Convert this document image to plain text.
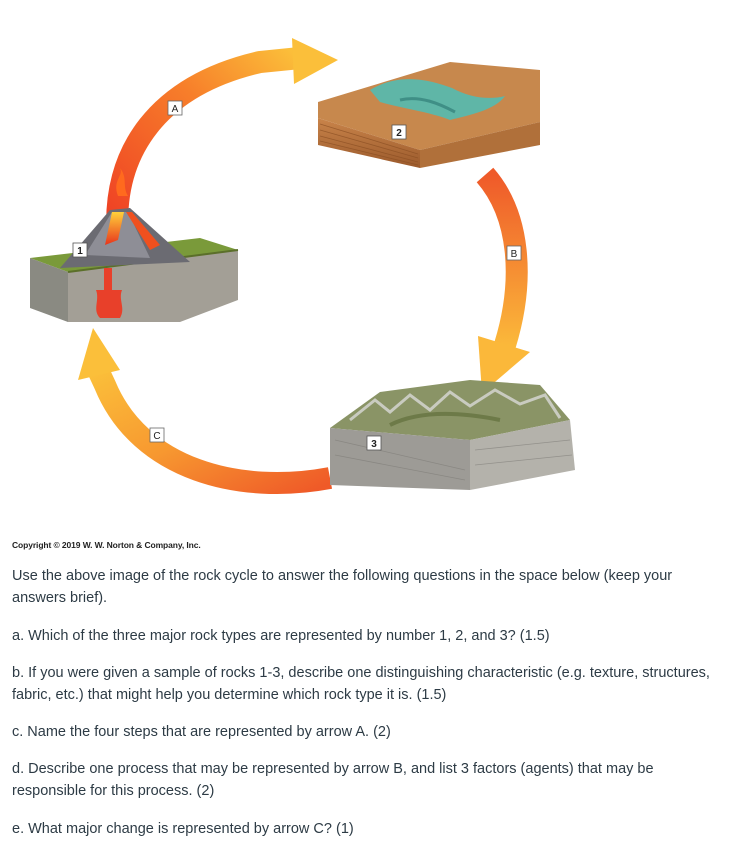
1
2
3
A
B
C
Copyright © 2019 W. W. Norton & Company, Inc.
Use the above image of the rock cycle to answer the following questions in the space below (keep your answers brief).
a. Which of the three major rock types are represented by number 1, 2, and 3? (1.5)
b. If you were given a sample of rocks 1-3, describe one distinguishing characteristic (e.g. texture, structures, fabric, etc.) that might help you determine which rock type it is. (1.5)
c. Name the four steps that are represented by arrow A. (2)
d. Describe one process that may be represented by arrow B, and list 3 factors (agents) that may be responsible for this process. (2)
e. What major change is represented by arrow C? (1)
